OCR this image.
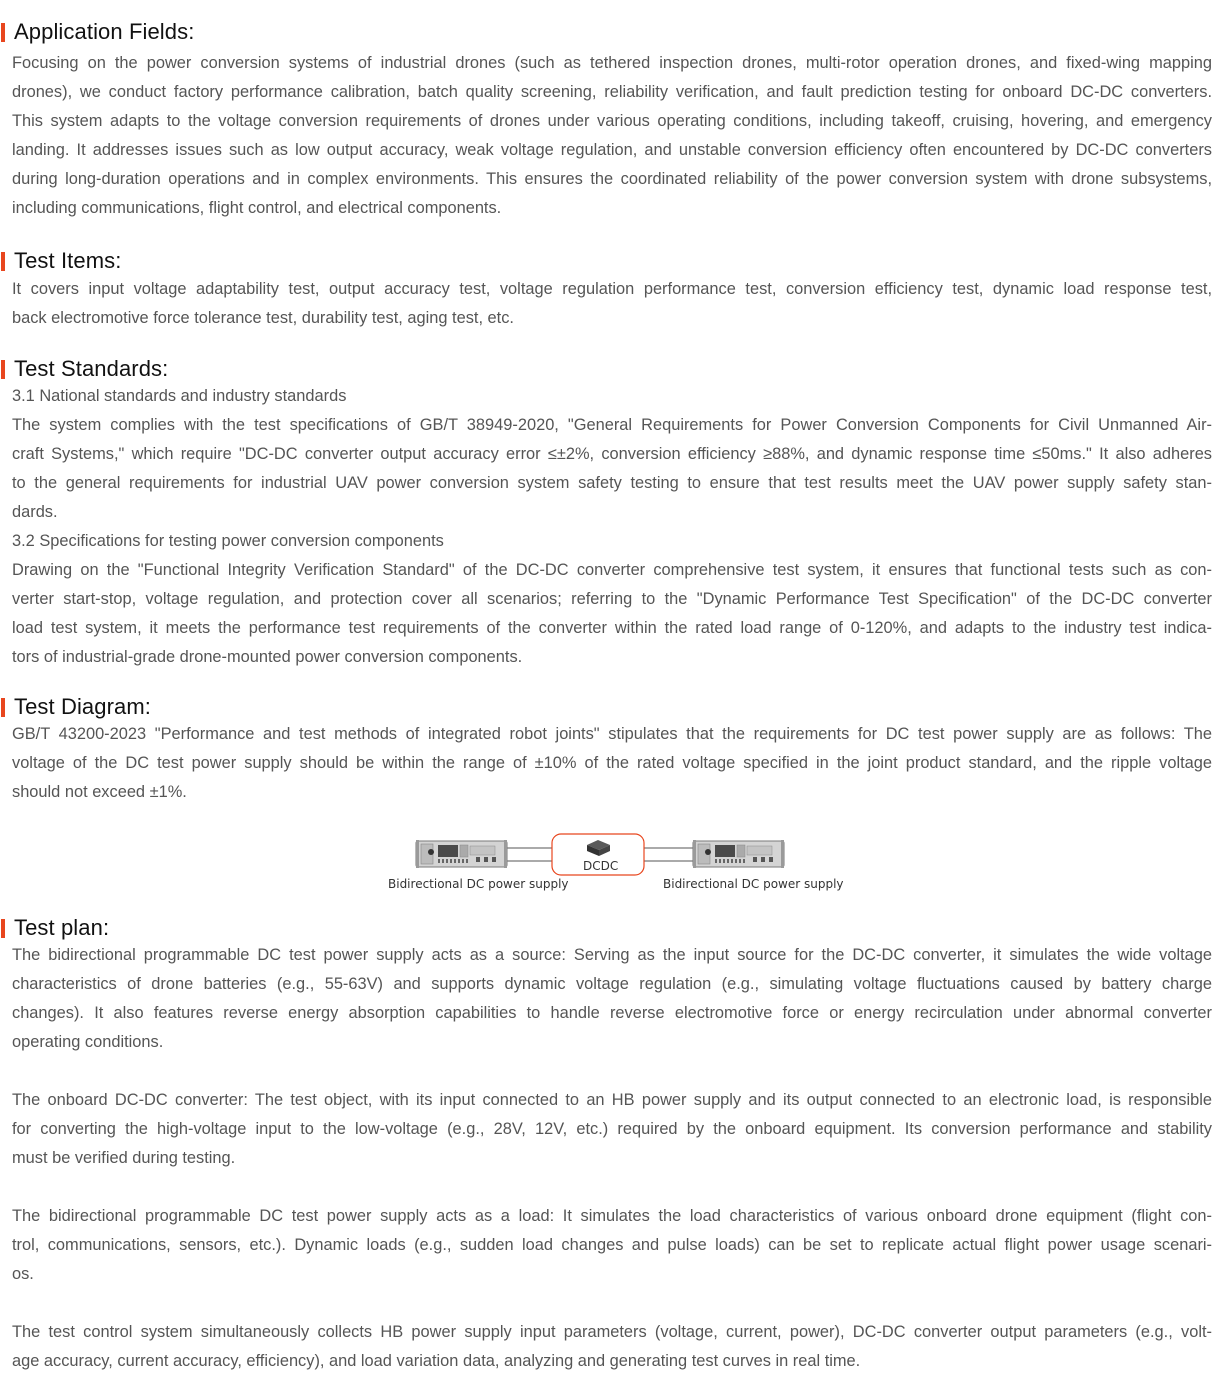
Application Fields:
Focusing on the power conversion systems of industrial drones (such as tethered inspection drones, multi-rotor operation drones, and fixed-wing mapping
drones), we conduct factory performance calibration, batch quality screening, reliability verification, and fault prediction testing for onboard DC-DC converters.
This system adapts to the voltage conversion requirements of drones under various operating conditions, including takeoff, cruising, hovering, and emergency
landing. It addresses issues such as low output accuracy, weak voltage regulation, and unstable conversion efficiency often encountered by DC-DC converters
during long-duration operations and in complex environments. This ensures the coordinated reliability of the power conversion system with drone subsystems,
including communications, flight control, and electrical components.
Test Items:
It covers input voltage adaptability test, output accuracy test, voltage regulation performance test, conversion efficiency test, dynamic load response test,
back electromotive force tolerance test, durability test, aging test, etc.
Test Standards:
3.1 National standards and industry standards
The system complies with the test specifications of GB/T 38949-2020, "General Requirements for Power Conversion Components for Civil Unmanned Air-
craft Systems," which require "DC-DC converter output accuracy error ≤±2%, conversion efficiency ≥88%, and dynamic response time ≤50ms." It also adheres
to the general requirements for industrial UAV power conversion system safety testing to ensure that test results meet the UAV power supply safety stan-
dards.
3.2 Specifications for testing power conversion components
Drawing on the "Functional Integrity Verification Standard" of the DC-DC converter comprehensive test system, it ensures that functional tests such as con-
verter start-stop, voltage regulation, and protection cover all scenarios; referring to the "Dynamic Performance Test Specification" of the DC-DC converter
load test system, it meets the performance test requirements of the converter within the rated load range of 0-120%, and adapts to the industry test indica-
tors of industrial-grade drone-mounted power conversion components.
Test Diagram:
GB/T 43200-2023 "Performance and test methods of integrated robot joints" stipulates that the requirements for DC test power supply are as follows: The
voltage of the DC test power supply should be within the range of ±10% of the rated voltage specified in the joint product standard, and the ripple voltage
should not exceed ±1%.
Bidirectional DC power supply
DCDC
Bidirectional DC power supply
Test plan:
The bidirectional programmable DC test power supply acts as a source: Serving as the input source for the DC-DC converter, it simulates the wide voltage
characteristics of drone batteries (e.g., 55-63V) and supports dynamic voltage regulation (e.g., simulating voltage fluctuations caused by battery charge
changes). It also features reverse energy absorption capabilities to handle reverse electromotive force or energy recirculation under abnormal converter
operating conditions.
The onboard DC-DC converter: The test object, with its input connected to an HB power supply and its output connected to an electronic load, is responsible
for converting the high-voltage input to the low-voltage (e.g., 28V, 12V, etc.) required by the onboard equipment. Its conversion performance and stability
must be verified during testing.
The bidirectional programmable DC test power supply acts as a load: It simulates the load characteristics of various onboard drone equipment (flight con-
trol, communications, sensors, etc.). Dynamic loads (e.g., sudden load changes and pulse loads) can be set to replicate actual flight power usage scenari-
os.
The test control system simultaneously collects HB power supply input parameters (voltage, current, power), DC-DC converter output parameters (e.g., volt-
age accuracy, current accuracy, efficiency), and load variation data, analyzing and generating test curves in real time.
